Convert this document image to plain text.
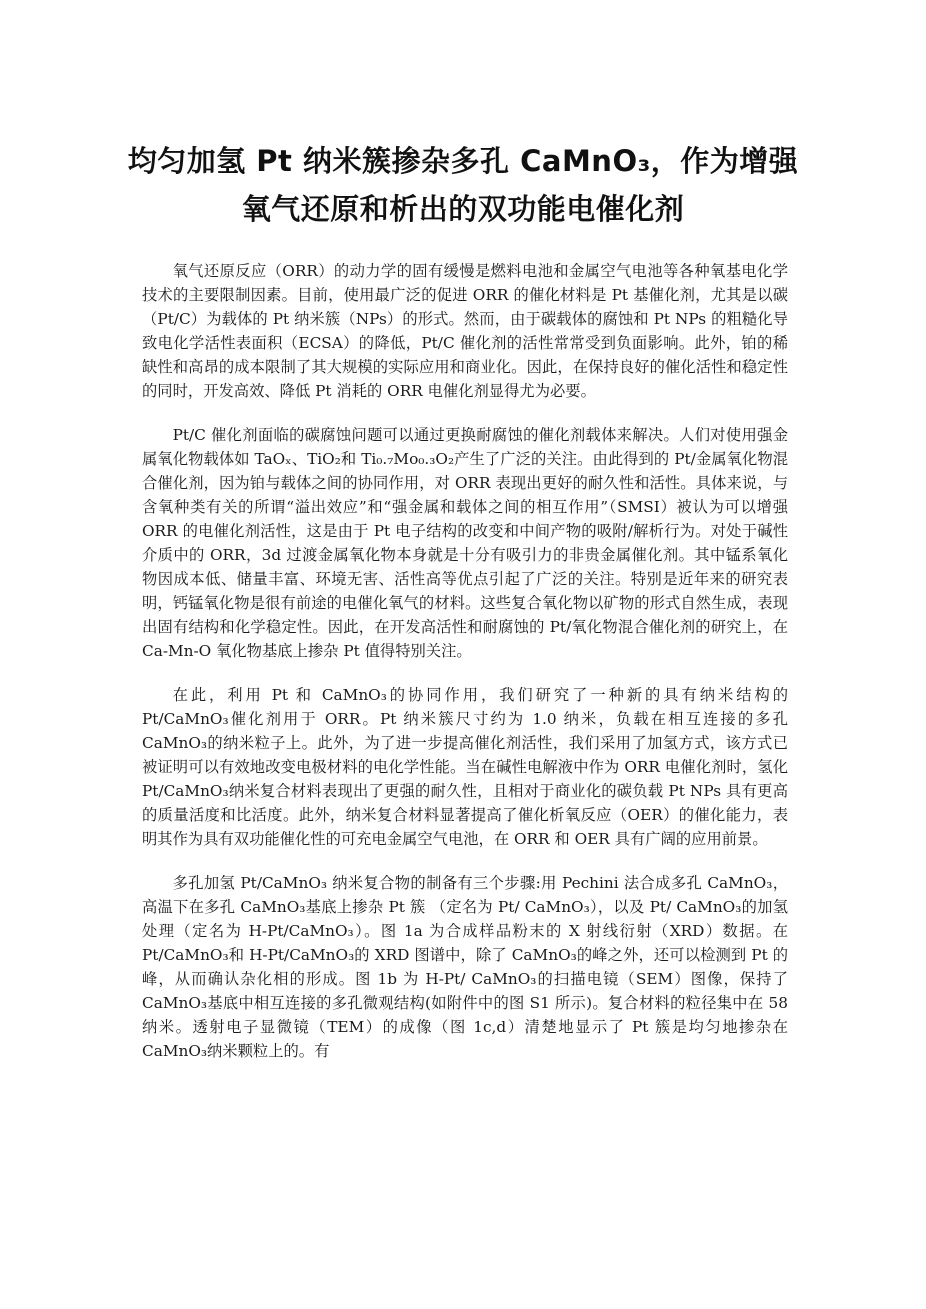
均匀加氢 Pt 纳米簇掺杂多孔 CaMnO₃，作为增强氧气还原和析出的双功能电催化剂

氧气还原反应（ORR）的动力学的固有缓慢是燃料电池和金属空气电池等各种氧基电化学技术的主要限制因素。目前，使用最广泛的促进 ORR 的催化材料是 Pt 基催化剂，尤其是以碳（Pt/C）为载体的 Pt 纳米簇（NPs）的形式。然而，由于碳载体的腐蚀和 Pt NPs 的粗糙化导致电化学活性表面积（ECSA）的降低，Pt/C 催化剂的活性常常受到负面影响。此外，铂的稀缺性和高昂的成本限制了其大规模的实际应用和商业化。因此，在保持良好的催化活性和稳定性的同时，开发高效、降低 Pt 消耗的 ORR 电催化剂显得尤为必要。

Pt/C 催化剂面临的碳腐蚀问题可以通过更换耐腐蚀的催化剂载体来解决。人们对使用强金属氧化物载体如 TaOₓ、TiO₂和 Ti₀.₇Mo₀.₃O₂产生了广泛的关注。由此得到的 Pt/金属氧化物混合催化剂，因为铂与载体之间的协同作用，对 ORR 表现出更好的耐久性和活性。具体来说，与含氧种类有关的所谓“溢出效应”和“强金属和载体之间的相互作用”（SMSI）被认为可以增强 ORR 的电催化剂活性，这是由于 Pt 电子结构的改变和中间产物的吸附/解析行为。对处于碱性介质中的 ORR，3d 过渡金属氧化物本身就是十分有吸引力的非贵金属催化剂。其中锰系氧化物因成本低、储量丰富、环境无害、活性高等优点引起了广泛的关注。特别是近年来的研究表明，钙锰氧化物是很有前途的电催化氧气的材料。这些复合氧化物以矿物的形式自然生成，表现出固有结构和化学稳定性。因此，在开发高活性和耐腐蚀的 Pt/氧化物混合催化剂的研究上，在 Ca-Mn-O 氧化物基底上掺杂 Pt 值得特别关注。

在此，利用 Pt 和 CaMnO₃的协同作用，我们研究了一种新的具有纳米结构的 Pt/CaMnO₃催化剂用于 ORR。Pt 纳米簇尺寸约为 1.0 纳米，负载在相互连接的多孔 CaMnO₃的纳米粒子上。此外，为了进一步提高催化剂活性，我们采用了加氢方式，该方式已被证明可以有效地改变电极材料的电化学性能。当在碱性电解液中作为 ORR 电催化剂时，氢化 Pt/CaMnO₃纳米复合材料表现出了更强的耐久性，且相对于商业化的碳负载 Pt NPs 具有更高的质量活度和比活度。此外，纳米复合材料显著提高了催化析氧反应（OER）的催化能力，表明其作为具有双功能催化性的可充电金属空气电池，在 ORR 和 OER 具有广阔的应用前景。

多孔加氢 Pt/CaMnO₃ 纳米复合物的制备有三个步骤:用 Pechini 法合成多孔 CaMnO₃，高温下在多孔 CaMnO₃基底上掺杂 Pt 簇 （定名为 Pt/ CaMnO₃），以及 Pt/ CaMnO₃的加氢处理（定名为 H-Pt/CaMnO₃）。图 1a 为合成样品粉末的 X 射线衍射（XRD）数据。在 Pt/CaMnO₃和 H-Pt/CaMnO₃的 XRD 图谱中，除了 CaMnO₃的峰之外，还可以检测到 Pt 的峰，从而确认杂化相的形成。图 1b 为 H-Pt/ CaMnO₃的扫描电镜（SEM）图像，保持了 CaMnO₃基底中相互连接的多孔微观结构(如附件中的图 S1 所示)。复合材料的粒径集中在 58 纳米。透射电子显微镜（TEM）的成像（图 1c,d）清楚地显示了 Pt 簇是均匀地掺杂在 CaMnO₃纳米颗粒上的。有
